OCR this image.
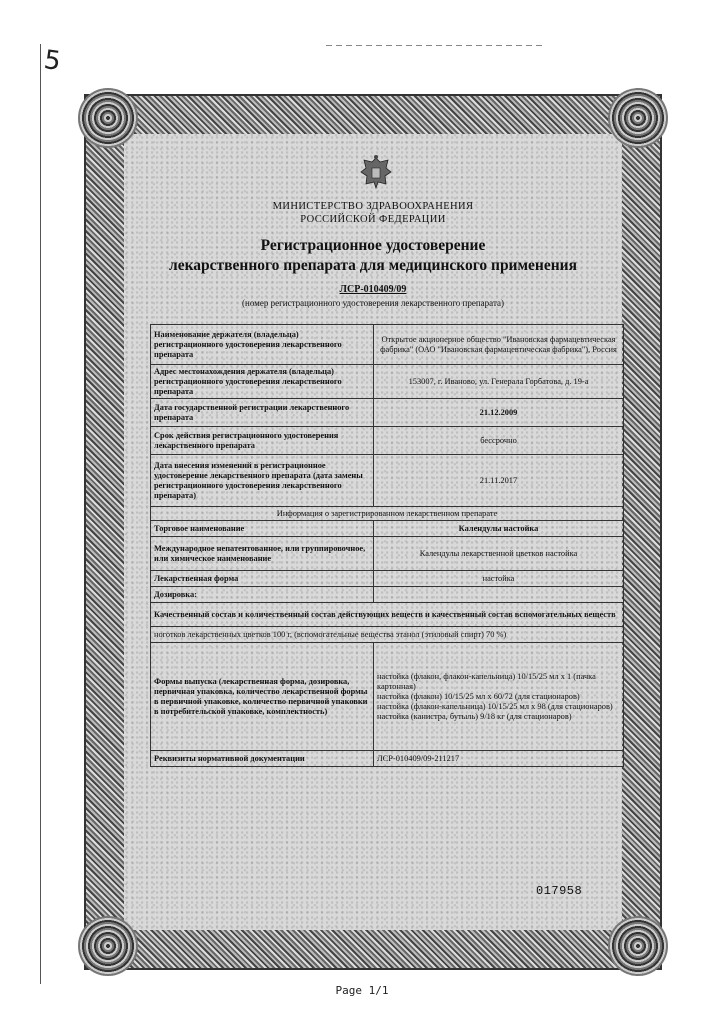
5
МИНИСТЕРСТВО ЗДРАВООХРАНЕНИЯ
РОССИЙСКОЙ ФЕДЕРАЦИИ
Регистрационное удостоверение
лекарственного препарата для медицинского применения
ЛСР-010409/09
(номер регистрационного удостоверения лекарственного препарата)
Наименование держателя (владельца) регистрационного удостоверения лекарственного препарата	Открытое акционерное общество "Ивановская фармацевтическая фабрика" (ОАО "Ивановская фармацевтическая фабрика"), Россия
Адрес местонахождения держателя (владельца) регистрационного удостоверения лекарственного препарата	153007, г. Иваново, ул. Генерала Горбатова, д. 19-а
Дата государственной регистрации лекарственного препарата	21.12.2009
Срок действия регистрационного удостоверения лекарственного препарата	бессрочно
Дата внесения изменений в регистрационное удостоверение лекарственного препарата (дата замены регистрационного удостоверения лекарственного препарата)	21.11.2017
Информация о зарегистрированном лекарственном препарате	
Торговое наименование	Календулы настойка
Международное непатентованное, или группировочное, или химическое наименование	Календулы лекарственной цветков настойка
Лекарственная форма	настойка
Дозировка:	
Качественный состав и количественный состав действующих веществ и качественный состав вспомогательных веществ	
ноготков лекарственных цветков 100 г, (вспомогательные вещества этанол (этиловый спирт) 70 %)	
Формы выпуска (лекарственная форма, дозировка, первичная упаковка, количество лекарственной формы в первичной упаковке, количество первичной упаковки в потребительской упаковке, комплектность)	настойка (флакон, флакон-капельница) 10/15/25 мл х 1 (пачка картонная)
настойка (флакон) 10/15/25 мл х 60/72 (для стационаров)
настойка (флакон-капельница) 10/15/25 мл х 98 (для стационаров)
настойка (канистра, бутыль) 9/18 кг (для стационаров)

Реквизиты нормативной документации	ЛСР-010409/09-211217
017958
Page 1/1
